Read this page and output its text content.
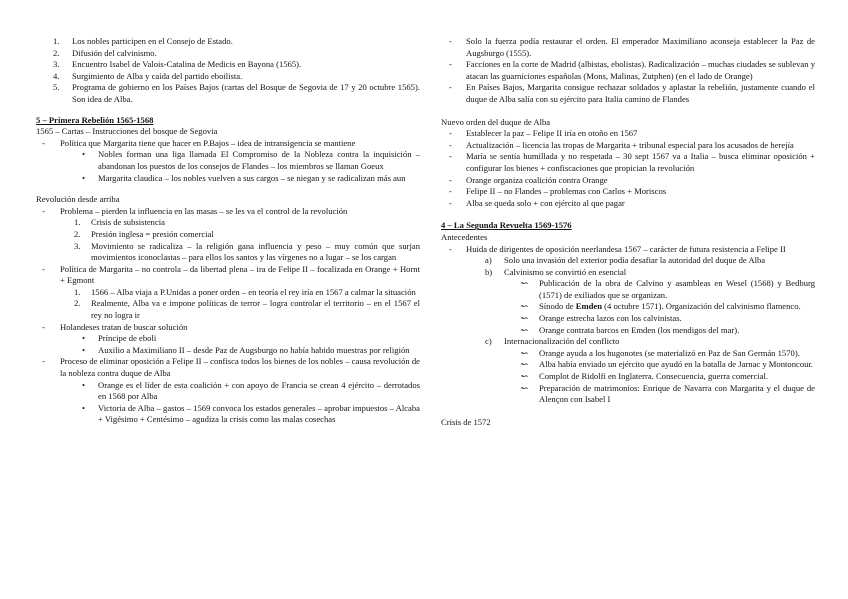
1. Los nobles participen en el Consejo de Estado.
2. Difusión del calvinismo.
3. Encuentro Isabel de Valois-Catalina de Medicis en Bayona (1565).
4. Surgimiento de Alba y caída del partido eboilista.
5. Programa de gobierno en los Países Bajos (cartas del Bosque de Segovia de 17 y 20 octubre 1565). Son idea de Alba.
5 – Primera Rebelión 1565-1568
1565 – Cartas – Instrucciones del bosque de Segovia
- Política que Margarita tiene que hacer en P.Bajos – idea de intransigencia se mantiene
• Nobles forman una liga llamada El Compromiso de la Nobleza contra la inquisición – abandonan los puestos de los consejos de Flandes – los miembros se llaman Goeux
• Margarita claudica – los nobles vuelven a sus cargos – se niegan y se radicalizan más aun
Revolución desde arriba
- Problema – pierden la influencia en las masas – se les va el control de la revolución
1. Crisis de subsistencia
2. Presión inglesa = presión comercial
3. Movimiento se radicaliza – la religión gana influencia y peso – muy común que surjan movimientos iconoclastas – para ellos los santos y las vírgenes no a lugar – se los cargan
- Política de Margarita – no controla – da libertad plena – ira de Felipe II – focalizada en Orange + Hornt + Egmont
1. 1566 – Alba viaja a P.Unidas a poner orden – en teoría el rey iría en 1567 a calmar la situación
2. Realmente, Alba va e impone políticas de terror – logra controlar el territorio – en el 1567 el rey no logra ir
- Holandeses tratan de buscar solución
• Príncipe de eboli
• Auxilio a Maximiliano II – desde Paz de Augsburgo no había habido muestras por religión
- Proceso de eliminar oposición a Felipe II – confisca todos los bienes de los nobles – causa revolución de la nobleza contra duque de Alba
• Orange es el líder de esta coalición + con apoyo de Francia se crean 4 ejército – derrotados en 1568 por Alba
• Victoria de Alba – gastos – 1569 convoca los estados generales – aprobar impuestos – Alcaba + Vigésimo + Centésimo – agudiza la crisis como las malas cosechas
- Solo la fuerza podía restaurar el orden. El emperador Maximiliano aconseja establecer la Paz de Augsburgo (1555).
- Facciones en la corte de Madrid (albistas, ebolistas). Radicalización – muchas ciudades se sublevan y atacan las guarniciones españolas (Mons, Malinas, Zutphen) (en el lado de Orange)
- En Países Bajos, Margarita consigue rechazar soldados y aplastar la rebelión, justamente cuando el duque de Alba salía con su ejército para Italia camino de Flandes
Nuevo orden del duque de Alba
- Establecer la paz – Felipe II iría en otoño en 1567
- Actualización – licencia las tropas de Margarita + tribunal especial para los acusados de herejía
- María se sentía humillada y no respetada – 30 sept 1567 va a Italia – busca eliminar oposición + configurar los bienes + confiscaciones que propician la revolución
- Orange organiza coalición contra Orange
- Felipe II – no Flandes – problemas con Carlos + Moriscos
- Alba se queda solo + con ejército al que pagar
4 – La Segunda Revuelta 1569-1576
Antecedentes
- Huida de dirigentes de oposición neerlandesa 1567 – carácter de futura resistencia a Felipe II
a) Solo una invasión del exterior podía desafiar la autoridad del duque de Alba
b) Calvinismo se convirtió en esencial
↜ Publicación de la obra de Calvino y asambleas en Wesel (1568) y Bedburg (1571) de exiliados que se organizan.
↜ Sínodo de Emden (4 octubre 1571). Organización del calvinismo flamenco.
↜ Orange estrecha lazos con los calvinistas.
↜ Orange contrata barcos en Emden (los mendigos del mar).
c) Internacionalización del conflicto
↜ Orange ayuda a los hugonotes (se materializó en Paz de San Germán 1570).
↜ Alba había enviado un ejército que ayudó en la batalla de Jarnac y Montoncour.
↜ Complot de Ridolfi en Inglaterra. Consecuencia, guerra comercial.
↜ Preparación de matrimonios: Enrique de Navarra con Margarita y el duque de Alençon con Isabel I
Crisis de 1572
